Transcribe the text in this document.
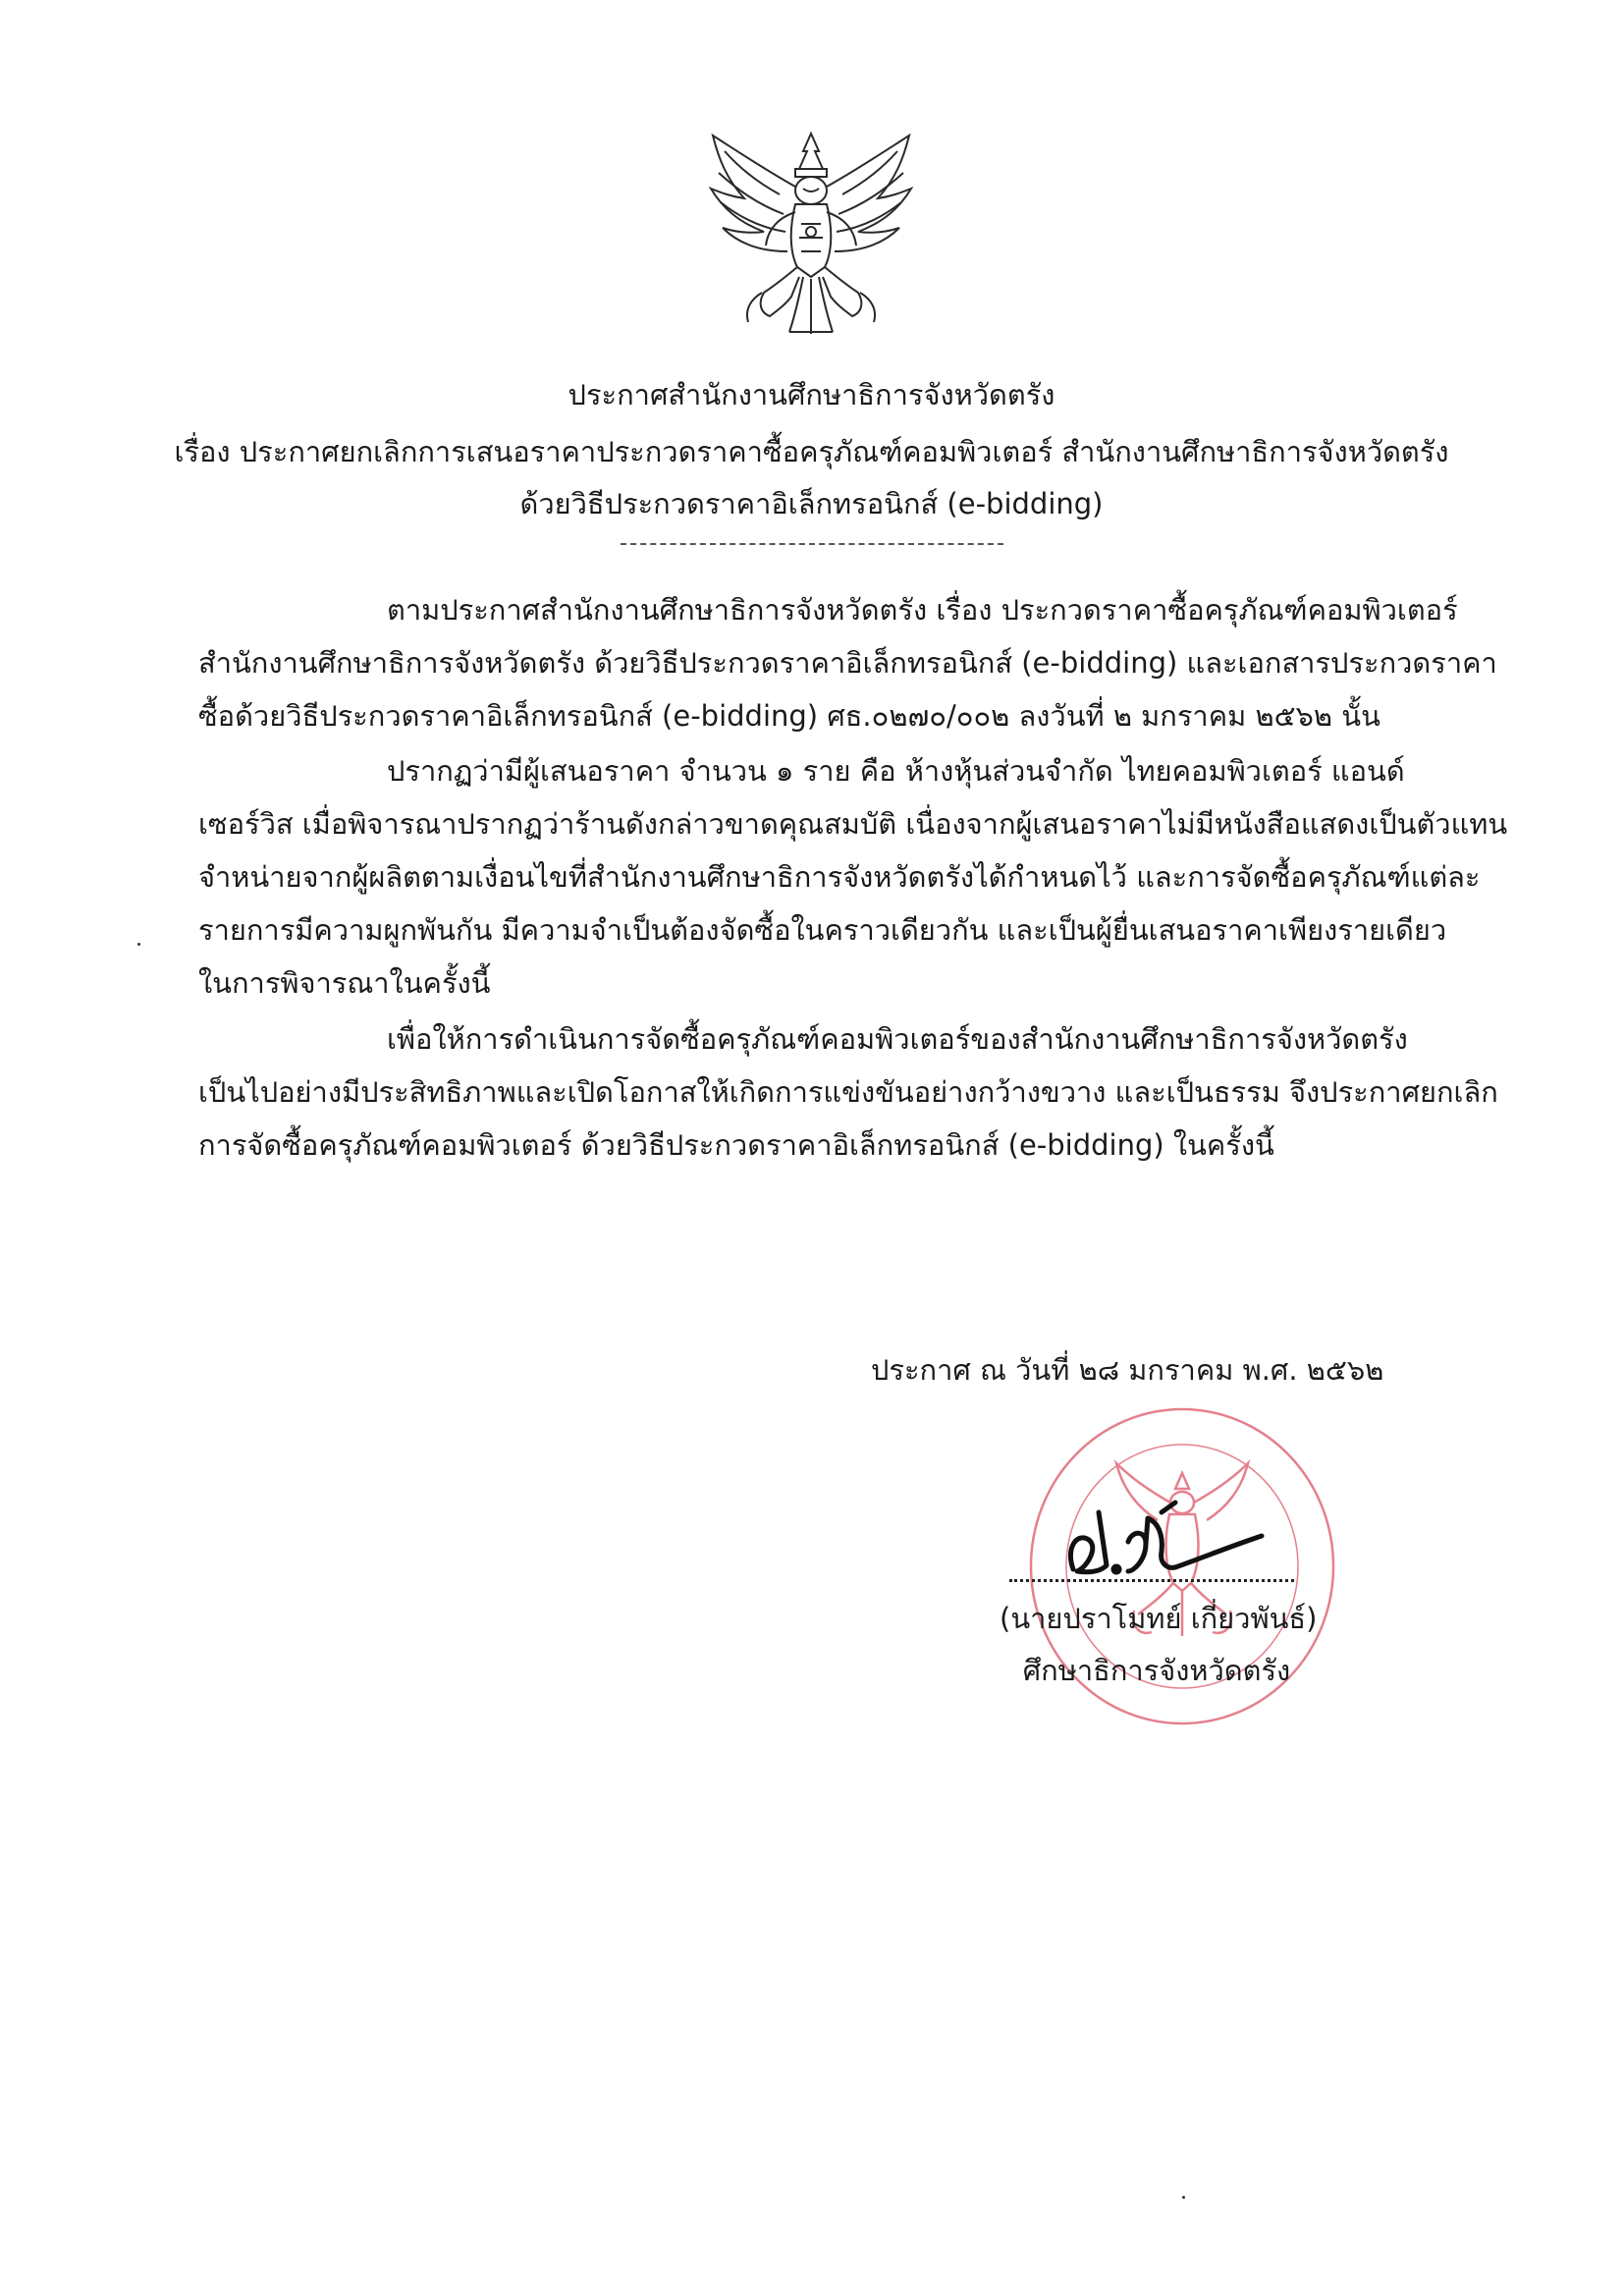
ประกาศสำนักงานศึกษาธิการจังหวัดตรัง
เรื่อง ประกาศยกเลิกการเสนอราคาประกวดราคาซื้อครุภัณฑ์คอมพิวเตอร์ สำนักงานศึกษาธิการจังหวัดตรัง
ด้วยวิธีประกวดราคาอิเล็กทรอนิกส์ (e-bidding)
ตามประกาศสำนักงานศึกษาธิการจังหวัดตรัง เรื่อง ประกวดราคาซื้อครุภัณฑ์คอมพิวเตอร์
สำนักงานศึกษาธิการจังหวัดตรัง ด้วยวิธีประกวดราคาอิเล็กทรอนิกส์ (e-bidding) และเอกสารประกวดราคา
ซื้อด้วยวิธีประกวดราคาอิเล็กทรอนิกส์ (e-bidding) ศธ.๐๒๗๐/๐๐๒ ลงวันที่ ๒ มกราคม ๒๕๖๒ นั้น
ปรากฏว่ามีผู้เสนอราคา จำนวน ๑ ราย คือ ห้างหุ้นส่วนจำกัด ไทยคอมพิวเตอร์ แอนด์
เซอร์วิส เมื่อพิจารณาปรากฏว่าร้านดังกล่าวขาดคุณสมบัติ เนื่องจากผู้เสนอราคาไม่มีหนังสือแสดงเป็นตัวแทน
จำหน่ายจากผู้ผลิตตามเงื่อนไขที่สำนักงานศึกษาธิการจังหวัดตรังได้กำหนดไว้ และการจัดซื้อครุภัณฑ์แต่ละ
รายการมีความผูกพันกัน มีความจำเป็นต้องจัดซื้อในคราวเดียวกัน และเป็นผู้ยื่นเสนอราคาเพียงรายเดียว
ในการพิจารณาในครั้งนี้
เพื่อให้การดำเนินการจัดซื้อครุภัณฑ์คอมพิวเตอร์ของสำนักงานศึกษาธิการจังหวัดตรัง
เป็นไปอย่างมีประสิทธิภาพและเปิดโอกาสให้เกิดการแข่งขันอย่างกว้างขวาง และเป็นธรรม จึงประกาศยกเลิก
การจัดซื้อครุภัณฑ์คอมพิวเตอร์ ด้วยวิธีประกวดราคาอิเล็กทรอนิกส์ (e-bidding) ในครั้งนี้
ประกาศ ณ วันที่ ๒๘ มกราคม พ.ศ. ๒๕๖๒
(นายปราโมทย์ เกี่ยวพันธ์)
ศึกษาธิการจังหวัดตรัง
